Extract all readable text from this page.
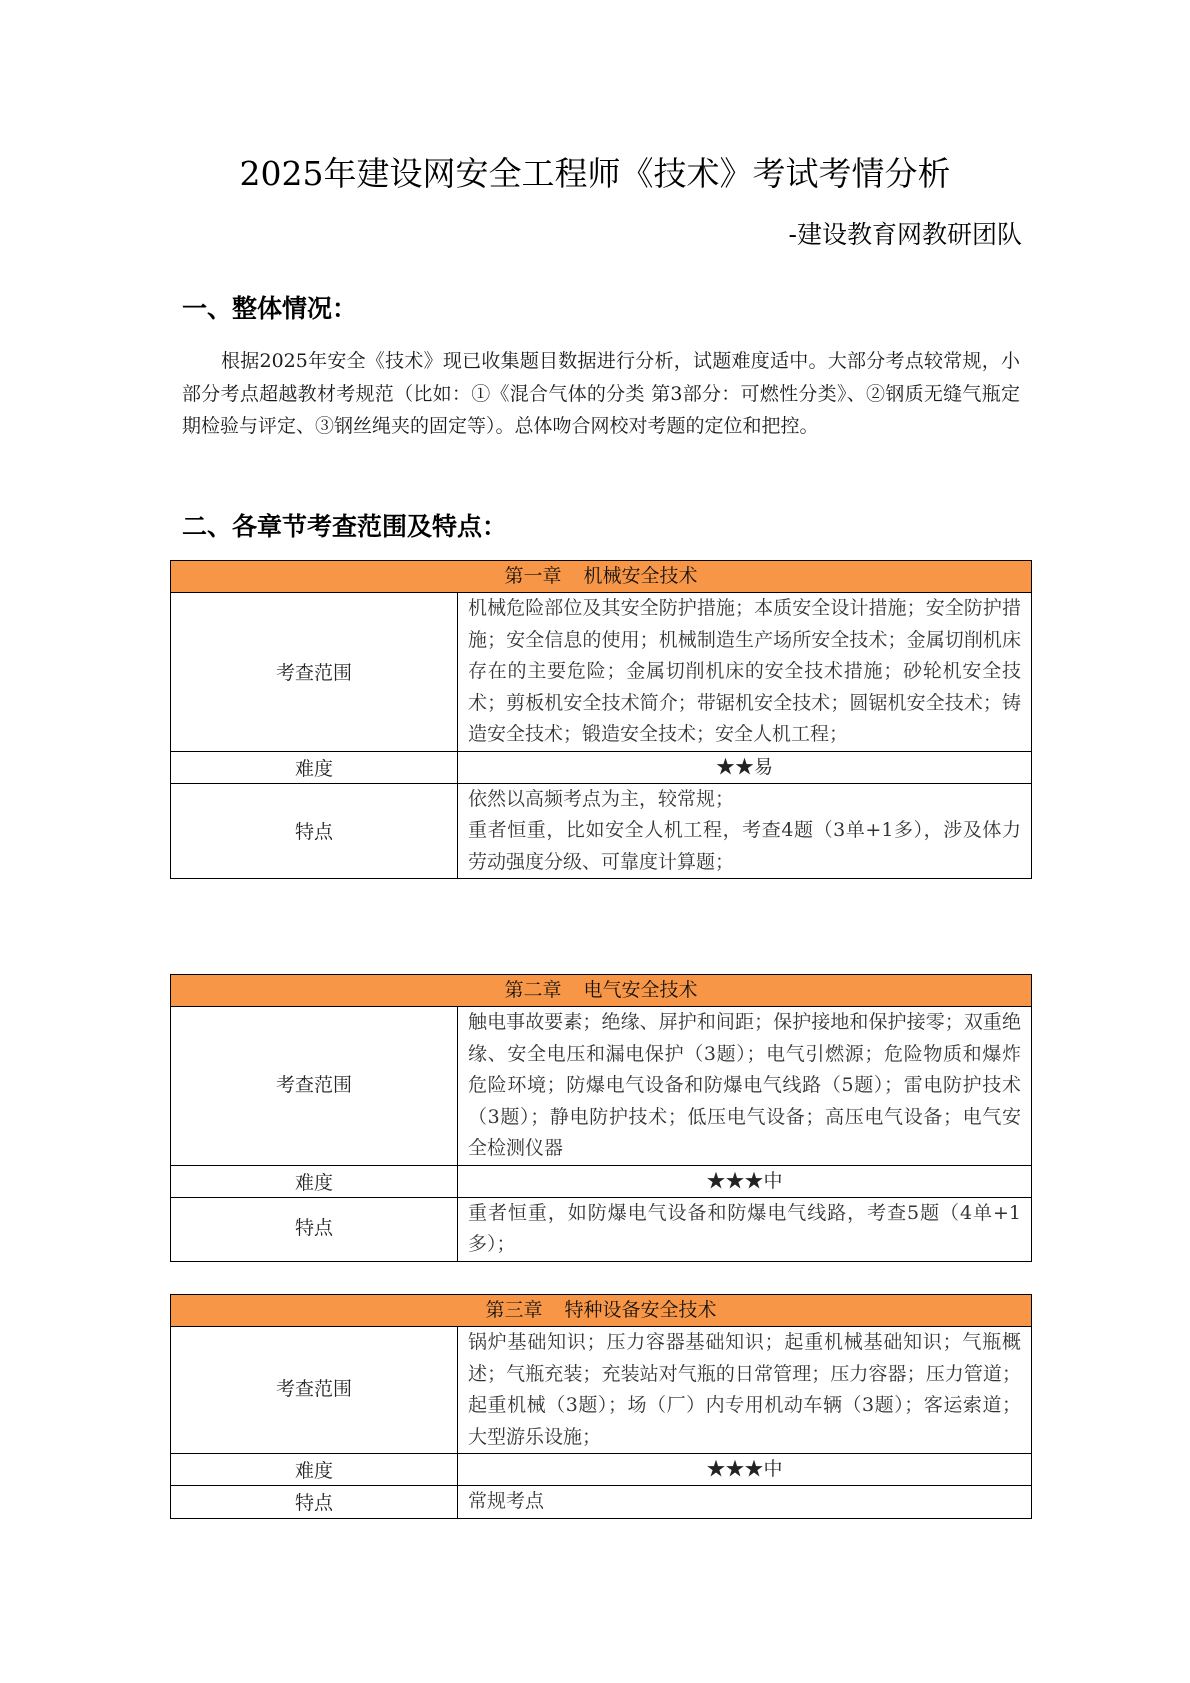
2025年建设网安全工程师《技术》考试考情分析
-建设教育网教研团队
一、整体情况：

根据2025年安全《技术》现已收集题目数据进行分析，试题难度适中。大部分考点较常规，小部分考点超越教材考规范（比如：①《混合气体的分类 第3部分：可燃性分类》、②钢质无缝气瓶定期检验与评定、③钢丝绳夹的固定等）。总体吻合网校对考题的定位和把控。

二、各章节考查范围及特点：
第一章 机械安全技术	
考查范围	机械危险部位及其安全防护措施；本质安全设计措施；安全防护措施；安全信息的使用；机械制造生产场所安全技术；金属切削机床存在的主要危险；金属切削机床的安全技术措施；砂轮机安全技术；剪板机安全技术简介；带锯机安全技术；圆锯机安全技术；铸造安全技术；锻造安全技术；安全人机工程；
难度	★★易
特点	依然以高频考点为主，较常规；
重者恒重，比如安全人机工程，考查4题（3单+1多），涉及体力劳动强度分级、可靠度计算题；
第二章 电气安全技术	
考查范围	触电事故要素；绝缘、屏护和间距；保护接地和保护接零；双重绝缘、安全电压和漏电保护（3题）；电气引燃源；危险物质和爆炸危险环境；防爆电气设备和防爆电气线路（5题）；雷电防护技术（3题）；静电防护技术；低压电气设备；高压电气设备；电气安全检测仪器
难度	★★★中
特点	重者恒重，如防爆电气设备和防爆电气线路，考查5题（4单+1多）；
第三章 特种设备安全技术	
考查范围	锅炉基础知识；压力容器基础知识；起重机械基础知识；气瓶概述；气瓶充装；充装站对气瓶的日常管理；压力容器；压力管道；起重机械（3题）；场（厂）内专用机动车辆（3题）；客运索道；大型游乐设施；
难度	★★★中
特点	常规考点
